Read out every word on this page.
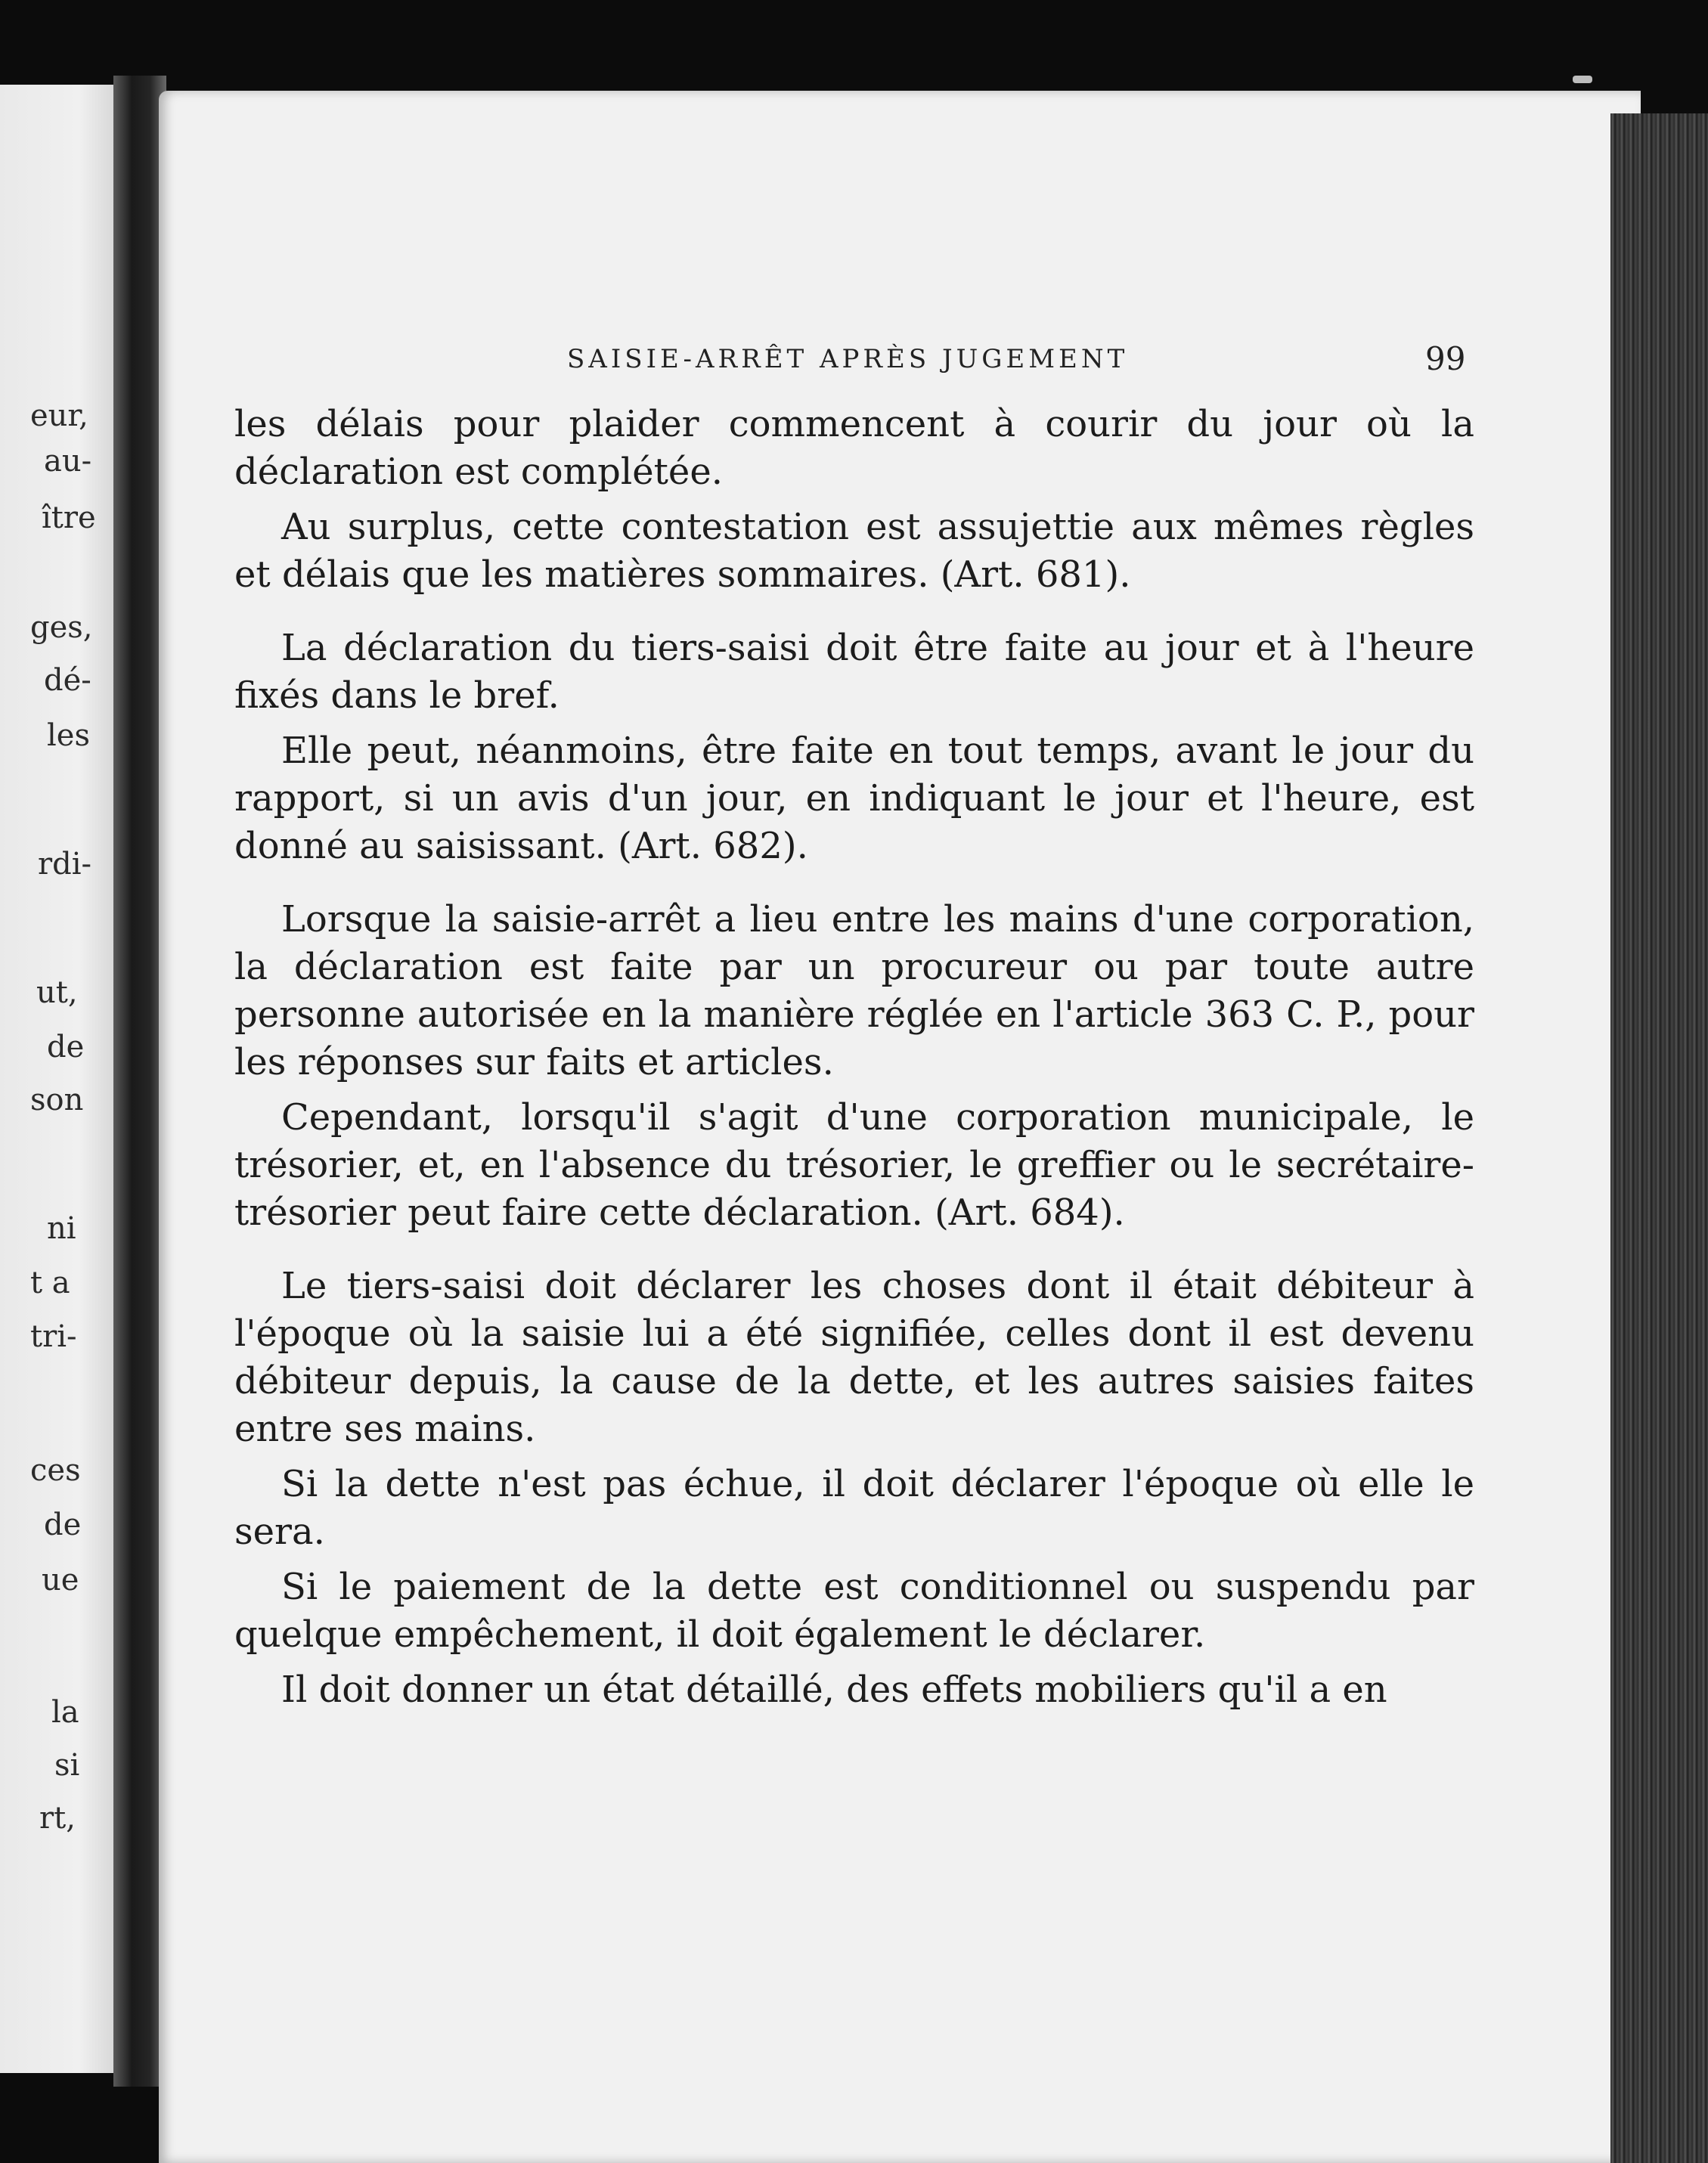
eur,
au-
ître
ges,
dé-
les
rdi-
ut,
de
son
ni
t a
tri-
ces
de
ue
la
si
rt,
SAISIE-ARRÊT APRÈS JUGEMENT	99

les délais pour plaider commencent à courir du jour où la déclaration est complétée.

Au surplus, cette contestation est assujettie aux mêmes règles et délais que les matières sommaires. (Art. 681).

La déclaration du tiers-saisi doit être faite au jour et à l'heure fixés dans le bref.

Elle peut, néanmoins, être faite en tout temps, avant le jour du rapport, si un avis d'un jour, en indiquant le jour et l'heure, est donné au saisissant. (Art. 682).

Lorsque la saisie-arrêt a lieu entre les mains d'une corporation, la déclaration est faite par un procureur ou par toute autre personne autorisée en la manière réglée en l'article 363 C. P., pour les réponses sur faits et articles.

Cependant, lorsqu'il s'agit d'une corporation municipale, le trésorier, et, en l'absence du trésorier, le greffier ou le secrétaire-trésorier peut faire cette déclaration. (Art. 684).

Le tiers-saisi doit déclarer les choses dont il était débiteur à l'époque où la saisie lui a été signifiée, celles dont il est devenu débiteur depuis, la cause de la dette, et les autres saisies faites entre ses mains.

Si la dette n'est pas échue, il doit déclarer l'époque où elle le sera.

Si le paiement de la dette est conditionnel ou suspendu par quelque empêchement, il doit également le déclarer.

Il doit donner un état détaillé, des effets mobiliers qu'il a en
